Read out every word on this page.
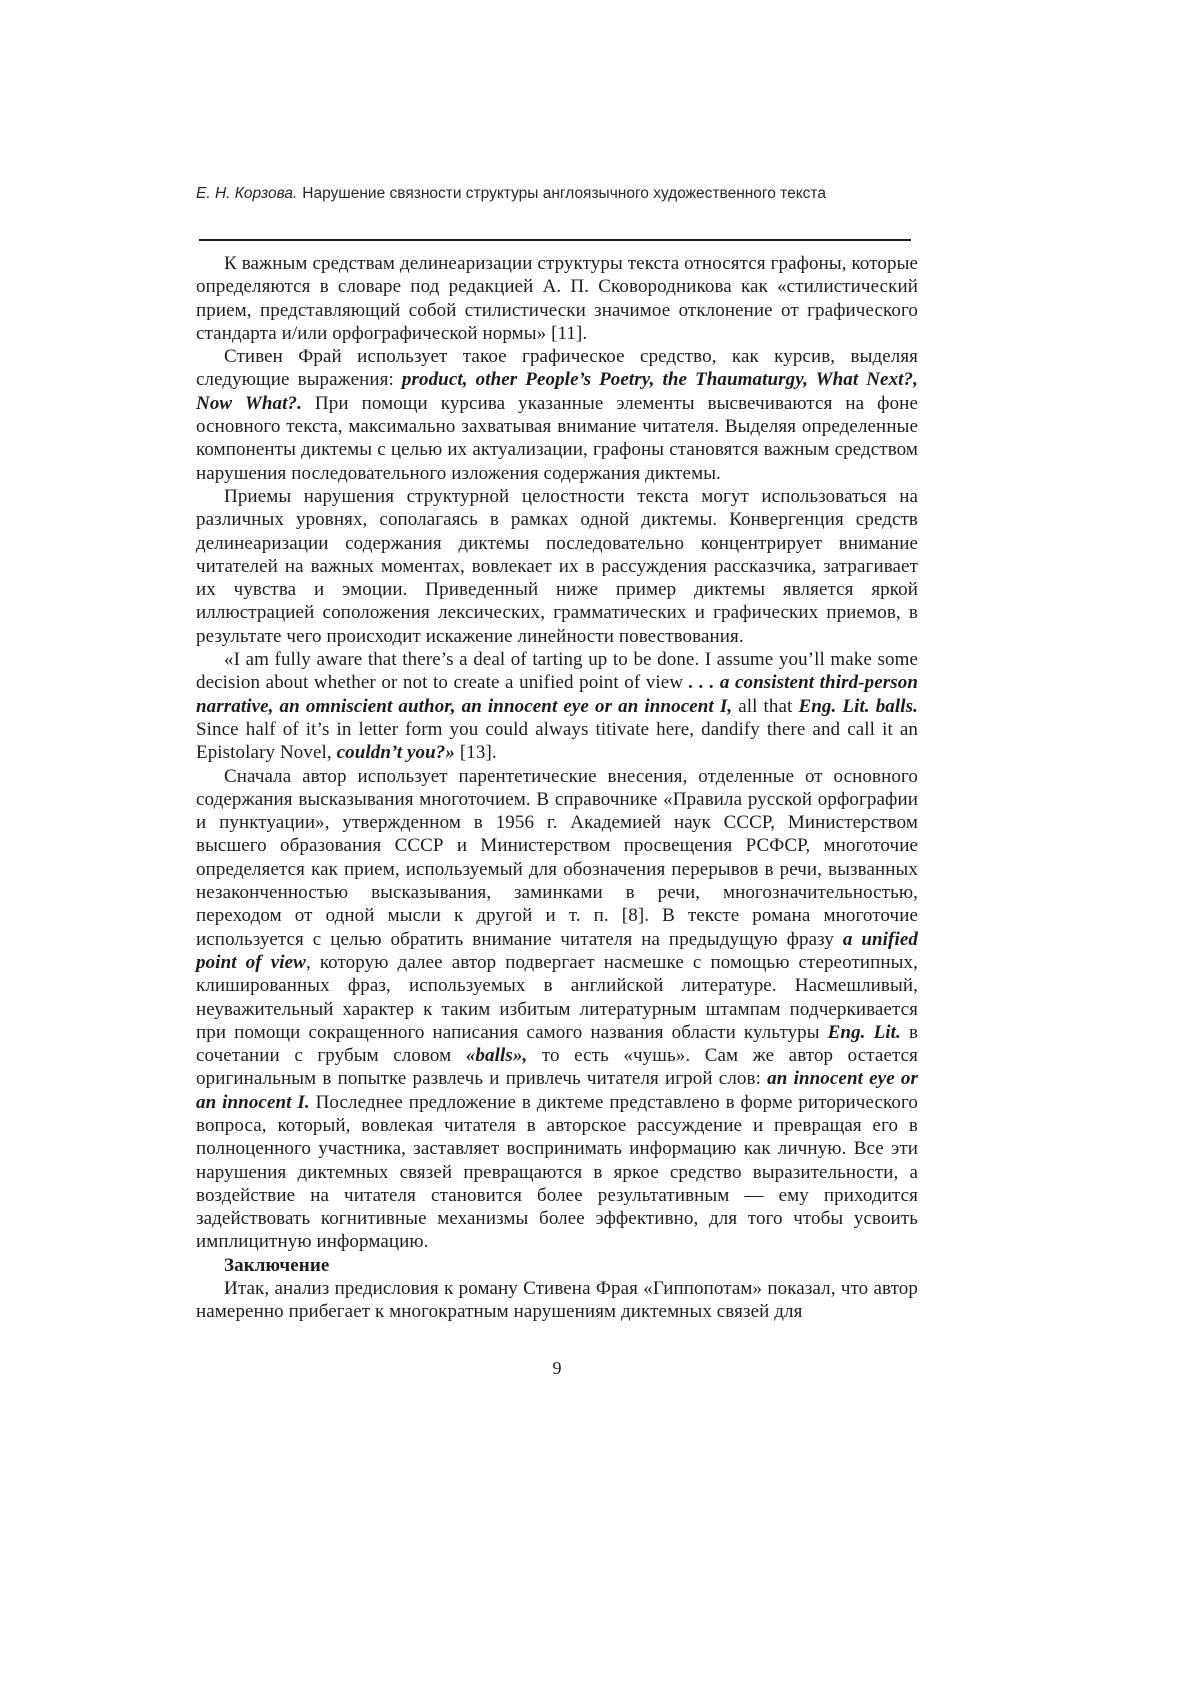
Е. Н. Корзова. Нарушение связности структуры англоязычного художественного текста

К важным средствам делинеаризации структуры текста относятся графоны, которые определяются в словаре под редакцией А. П. Сковородникова как «стилистический прием, представляющий собой стилистически значимое отклонение от графического стандарта и/или орфографической нормы» [11].

Стивен Фрай использует такое графическое средство, как курсив, выделяя следующие выражения: product, other People’s Poetry, the Thaumaturgy, What Next?, Now What?. При помощи курсива указанные элементы высвечиваются на фоне основного текста, максимально захватывая внимание читателя. Выделяя определенные компоненты диктемы с целью их актуализации, графоны становятся важным средством нарушения последовательного изложения содержания диктемы.

Приемы нарушения структурной целостности текста могут использоваться на различных уровнях, сополагаясь в рамках одной диктемы. Конвергенция средств делинеаризации содержания диктемы последовательно концентрирует внимание читателей на важных моментах, вовлекает их в рассуждения рассказчика, затрагивает их чувства и эмоции. Приведенный ниже пример диктемы является яркой иллюстрацией соположения лексических, грамматических и графических приемов, в результате чего происходит искажение линейности повествования.

«I am fully aware that there’s a deal of tarting up to be done. I assume you’ll make some decision about whether or not to create a unified point of view . . . a consistent third-person narrative, an omniscient author, an innocent eye or an innocent I, all that Eng. Lit. balls. Since half of it’s in letter form you could always titivate here, dandify there and call it an Epistolary Novel, couldn’t you?» [13].

Сначала автор использует парентетические внесения, отделенные от основного содержания высказывания многоточием. В справочнике «Правила русской орфографии и пунктуации», утвержденном в 1956 г. Академией наук СССР, Министерством высшего образования СССР и Министерством просвещения РСФСР, многоточие определяется как прием, используемый для обозначения перерывов в речи, вызванных незаконченностью высказывания, заминками в речи, многозначительностью, переходом от одной мысли к другой и т. п. [8]. В тексте романа многоточие используется с целью обратить внимание читателя на предыдущую фразу a unified point of view, которую далее автор подвергает насмешке с помощью стереотипных, клишированных фраз, используемых в английской литературе. Насмешливый, неуважительный характер к таким избитым литературным штампам подчеркивается при помощи сокращенного написания самого названия области культуры Eng. Lit. в сочетании с грубым словом «balls», то есть «чушь». Сам же автор остается оригинальным в попытке развлечь и привлечь читателя игрой слов: an innocent eye or an innocent I. Последнее предложение в диктеме представлено в форме риторического вопроса, который, вовлекая читателя в авторское рассуждение и превращая его в полноценного участника, заставляет воспринимать информацию как личную. Все эти нарушения диктемных связей превращаются в яркое средство выразительности, а воздействие на читателя становится более результативным — ему приходится задействовать когнитивные механизмы более эффективно, для того чтобы усвоить имплицитную информацию.

Заключение

Итак, анализ предисловия к роману Стивена Фрая «Гиппопотам» показал, что автор намеренно прибегает к многократным нарушениям диктемных связей для

9
